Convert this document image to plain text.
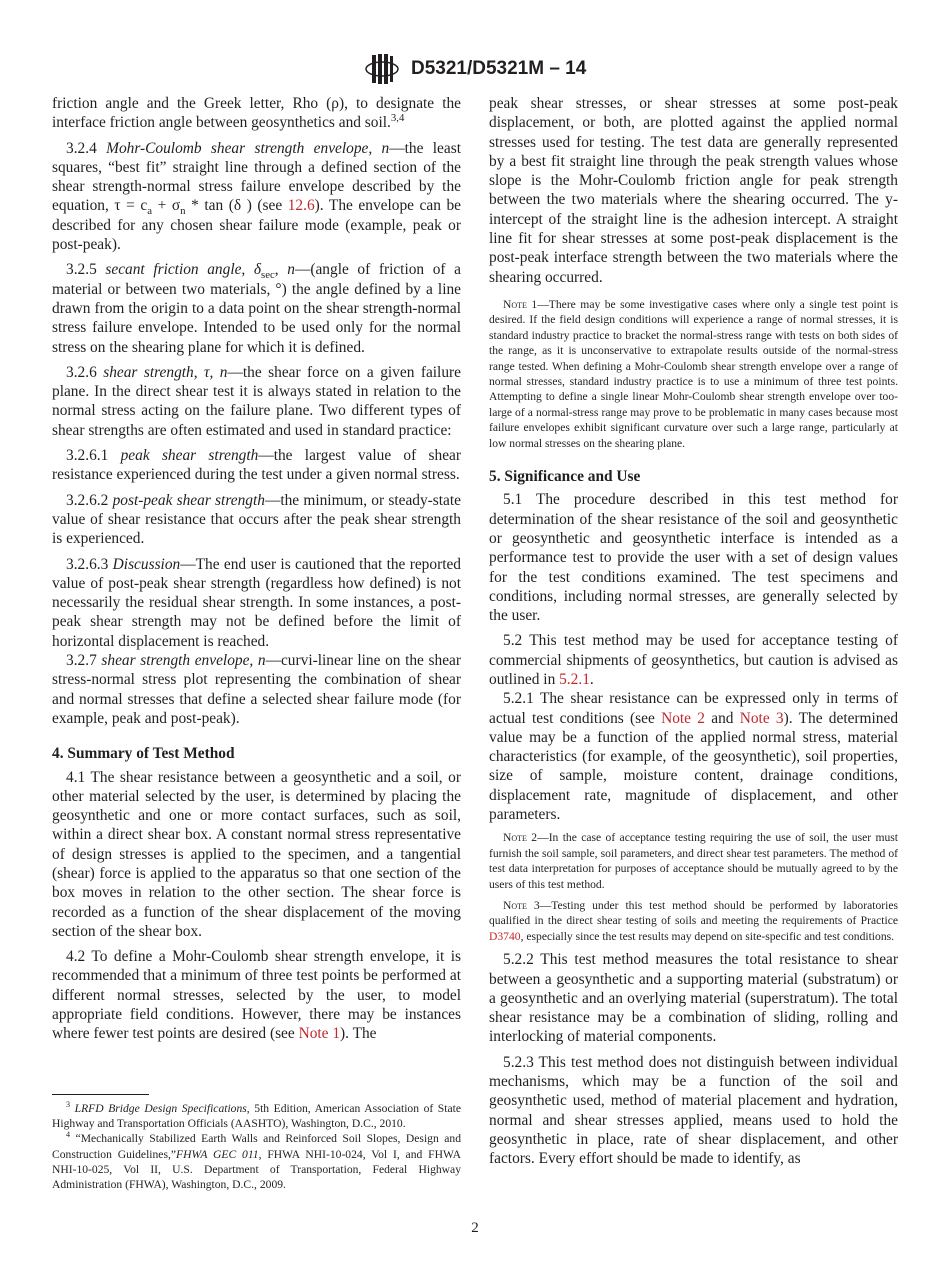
D5321/D5321M – 14

friction angle and the Greek letter, Rho (ρ), to designate the interface friction angle between geosynthetics and soil.$^{3,4}$

3.2.4 Mohr-Coulomb shear strength envelope, n—the least squares, “best fit” straight line through a defined section of the shear strength-normal stress failure envelope described by the equation, $\tau = c_a + \sigma_n * \tan (\delta$ ) (see 12.6). The envelope can be described for any chosen shear failure mode (example, peak or post-peak).

3.2.5 secant friction angle, $\delta_{sec}$, n—(angle of friction of a material or between two materials, °) the angle defined by a line drawn from the origin to a data point on the shear strength-normal stress failure envelope. Intended to be used only for the normal stress on the shearing plane for which it is defined.

3.2.6 shear strength, τ, n—the shear force on a given failure plane. In the direct shear test it is always stated in relation to the normal stress acting on the failure plane. Two different types of shear strengths are often estimated and used in standard practice:

3.2.6.1 peak shear strength—the largest value of shear resistance experienced during the test under a given normal stress.

3.2.6.2 post-peak shear strength—the minimum, or steady-state value of shear resistance that occurs after the peak shear strength is experienced.

3.2.6.3 Discussion—The end user is cautioned that the reported value of post-peak shear strength (regardless how defined) is not necessarily the residual shear strength. In some instances, a post-peak shear strength may not be defined before the limit of horizontal displacement is reached.

3.2.7 shear strength envelope, n—curvi-linear line on the shear stress-normal stress plot representing the combination of shear and normal stresses that define a selected shear failure mode (for example, peak and post-peak).

4. Summary of Test Method

4.1 The shear resistance between a geosynthetic and a soil, or other material selected by the user, is determined by placing the geosynthetic and one or more contact surfaces, such as soil, within a direct shear box. A constant normal stress representative of design stresses is applied to the specimen, and a tangential (shear) force is applied to the apparatus so that one section of the box moves in relation to the other section. The shear force is recorded as a function of the shear displacement of the moving section of the shear box.

4.2 To define a Mohr-Coulomb shear strength envelope, it is recommended that a minimum of three test points be performed at different normal stresses, selected by the user, to model appropriate field conditions. However, there may be instances where fewer test points are desired (see Note 1). The

peak shear stresses, or shear stresses at some post-peak displacement, or both, are plotted against the applied normal stresses used for testing. The test data are generally represented by a best fit straight line through the peak strength values whose slope is the Mohr-Coulomb friction angle for peak strength between the two materials where the shearing occurred. The y-intercept of the straight line is the adhesion intercept. A straight line fit for shear stresses at some post-peak displacement is the post-peak interface strength between the two materials where the shearing occurred.

Note 1—There may be some investigative cases where only a single test point is desired. If the field design conditions will experience a range of normal stresses, it is standard industry practice to bracket the normal-stress range with tests on both sides of the range, as it is unconservative to extrapolate results outside of the normal-stress range tested. When defining a Mohr-Coulomb shear strength envelope over a range of normal stresses, standard industry practice is to use a minimum of three test points. Attempting to define a single linear Mohr-Coulomb shear strength envelope over too-large of a normal-stress range may prove to be problematic in many cases because most failure envelopes exhibit significant curvature over such a large range, particularly at low normal stresses on the shearing plane.

5. Significance and Use

5.1 The procedure described in this test method for determination of the shear resistance of the soil and geosynthetic or geosynthetic and geosynthetic interface is intended as a performance test to provide the user with a set of design values for the test conditions examined. The test specimens and conditions, including normal stresses, are generally selected by the user.

5.2 This test method may be used for acceptance testing of commercial shipments of geosynthetics, but caution is advised as outlined in 5.2.1.

5.2.1 The shear resistance can be expressed only in terms of actual test conditions (see Note 2 and Note 3). The determined value may be a function of the applied normal stress, material characteristics (for example, of the geosynthetic), soil properties, size of sample, moisture content, drainage conditions, displacement rate, magnitude of displacement, and other parameters.

Note 2—In the case of acceptance testing requiring the use of soil, the user must furnish the soil sample, soil parameters, and direct shear test parameters. The method of test data interpretation for purposes of acceptance should be mutually agreed to by the users of this test method.

Note 3—Testing under this test method should be performed by laboratories qualified in the direct shear testing of soils and meeting the requirements of Practice D3740, especially since the test results may depend on site-specific and test conditions.

5.2.2 This test method measures the total resistance to shear between a geosynthetic and a supporting material (substratum) or a geosynthetic and an overlying material (superstratum). The total shear resistance may be a combination of sliding, rolling and interlocking of material components.

5.2.3 This test method does not distinguish between individual mechanisms, which may be a function of the soil and geosynthetic used, method of material placement and hydration, normal and shear stresses applied, means used to hold the geosynthetic in place, rate of shear displacement, and other factors. Every effort should be made to identify, as

$^3$ LRFD Bridge Design Specifications, 5th Edition, American Association of State Highway and Transportation Officials (AASHTO), Washington, D.C., 2010.

$^4$ “Mechanically Stabilized Earth Walls and Reinforced Soil Slopes, Design and Construction Guidelines,”FHWA GEC 011, FHWA NHI-10-024, Vol I, and FHWA NHI-10-025, Vol II, U.S. Department of Transportation, Federal Highway Administration (FHWA), Washington, D.C., 2009.

2
